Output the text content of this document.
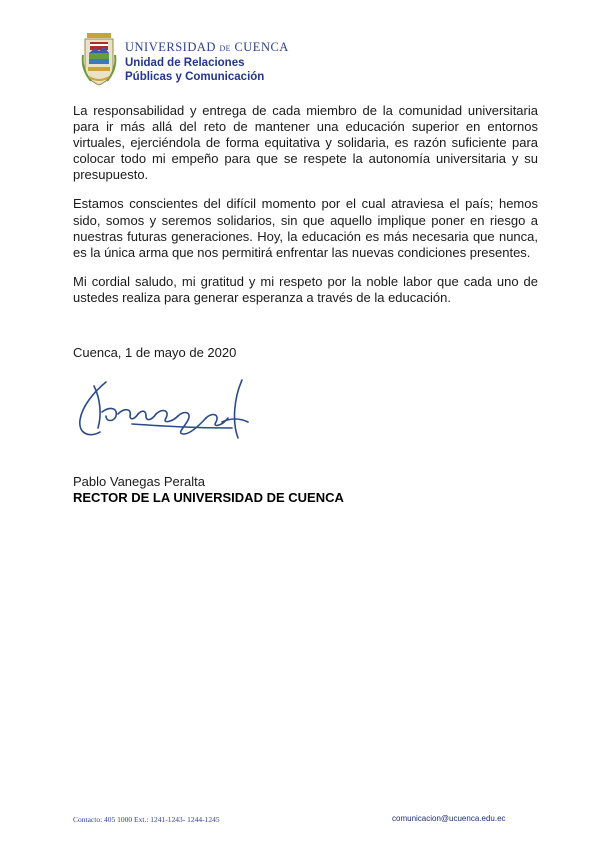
UNIVERSIDAD DE CUENCA
Unidad de Relaciones
Públicas y Comunicación

La responsabilidad y entrega de cada miembro de la comunidad universitaria para ir más allá del reto de mantener una educación superior en entornos virtuales, ejerciéndola de forma equitativa y solidaria, es razón suficiente para colocar todo mi empeño para que se respete la autonomía universitaria y su presupuesto.

Estamos conscientes del difícil momento por el cual atraviesa el país; hemos sido, somos y seremos solidarios, sin que aquello implique poner en riesgo a nuestras futuras generaciones. Hoy, la educación es más necesaria que nunca, es la única arma que nos permitirá enfrentar las nuevas condiciones presentes.

Mi cordial saludo, mi gratitud y mi respeto por la noble labor que cada uno de ustedes realiza para generar esperanza a través de la educación.

Cuenca, 1 de mayo de 2020
Pablo Vanegas Peralta
RECTOR DE LA UNIVERSIDAD DE CUENCA
Contacto: 405 1000 Ext.: 1241-1243- 1244-1245	comunicacion@ucuenca.edu.ec
